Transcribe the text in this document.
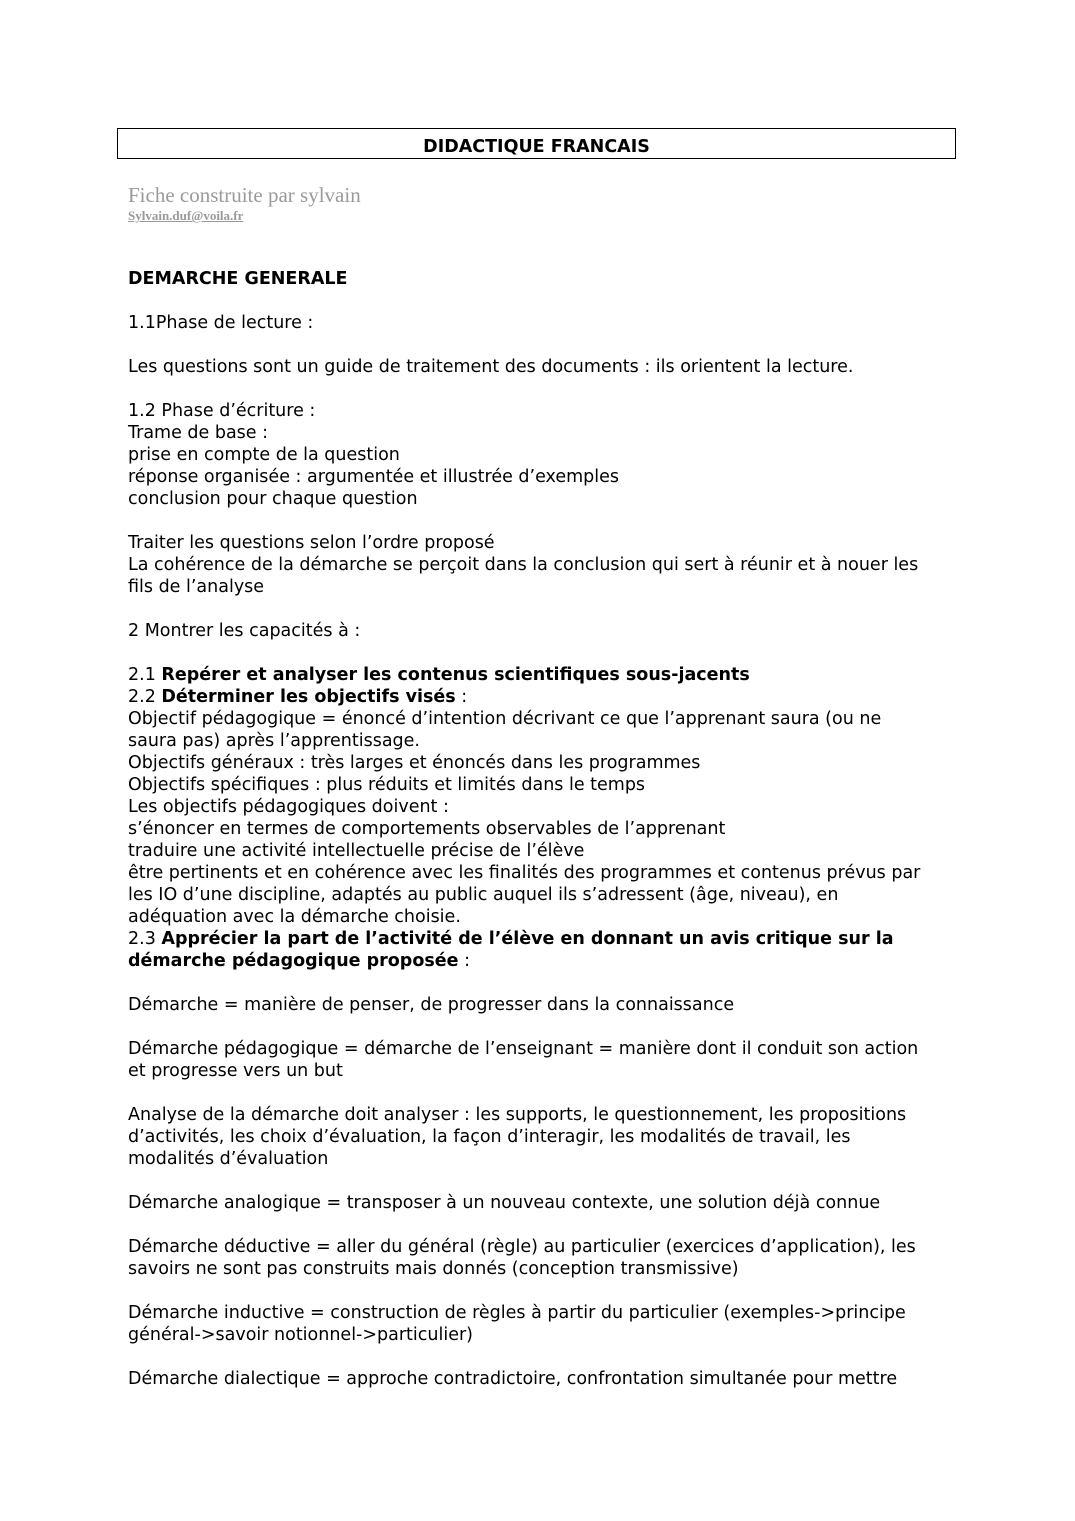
DIDACTIQUE FRANCAIS
Fiche construite par sylvain
Sylvain.duf@voila.fr
DEMARCHE GENERALE
1.1Phase de lecture :
Les questions sont un guide de traitement des documents : ils orientent la lecture.
1.2 Phase d’écriture :
Trame de base :
prise en compte de la question
réponse organisée : argumentée et illustrée d’exemples
conclusion pour chaque question
Traiter les questions selon l’ordre proposé
La cohérence de la démarche se perçoit dans la conclusion qui sert à réunir et à nouer les
fils de l’analyse
2 Montrer les capacités à :
2.1 Repérer et analyser les contenus scientifiques sous-jacents
2.2 Déterminer les objectifs visés :
Objectif pédagogique = énoncé d’intention décrivant ce que l’apprenant saura (ou ne
saura pas) après l’apprentissage.
Objectifs généraux : très larges et énoncés dans les programmes
Objectifs spécifiques : plus réduits et limités dans le temps
Les objectifs pédagogiques doivent :
s’énoncer en termes de comportements observables de l’apprenant
traduire une activité intellectuelle précise de l’élève
être pertinents et en cohérence avec les finalités des programmes et contenus prévus par
les IO d’une discipline, adaptés au public auquel ils s’adressent (âge, niveau), en
adéquation avec la démarche choisie.
2.3 Apprécier la part de l’activité de l’élève en donnant un avis critique sur la
démarche pédagogique proposée :
Démarche = manière de penser, de progresser dans la connaissance
Démarche pédagogique = démarche de l’enseignant = manière dont il conduit son action
et progresse vers un but
Analyse de la démarche doit analyser : les supports, le questionnement, les propositions
d’activités, les choix d’évaluation, la façon d’interagir, les modalités de travail, les
modalités d’évaluation
Démarche analogique = transposer à un nouveau contexte, une solution déjà connue
Démarche déductive = aller du général (règle) au particulier (exercices d’application), les
savoirs ne sont pas construits mais donnés (conception transmissive)
Démarche inductive = construction de règles à partir du particulier (exemples->principe
général->savoir notionnel->particulier)
Démarche dialectique = approche contradictoire, confrontation simultanée pour mettre
